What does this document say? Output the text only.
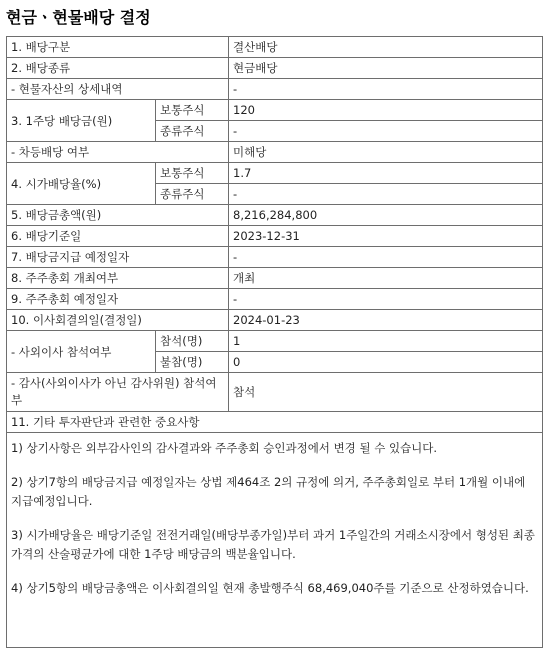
현금ㆍ현물배당 결정
1. 배당구분		결산배당
2. 배당종류		현금배당
- 현물자산의 상세내역		-
3. 1주당 배당금(원)	보통주식	120
	종류주식	-
- 차등배당 여부		미해당
4. 시가배당율(%)	보통주식	1.7
	종류주식	-
5. 배당금총액(원)		8,216,284,800
6. 배당기준일		2023-12-31
7. 배당금지급 예정일자		-
8. 주주총회 개최여부		개최
9. 주주총회 예정일자		-
10. 이사회결의일(결정일)		2024-01-23
- 사외이사 참석여부	참석(명)	1
	불참(명)	0
- 감사(사외이사가 아닌 감사위원) 참석여부		참석
11. 기타 투자판단과 관련한 중요사항		

1) 상기사항은 외부감사인의 감사결과와 주주총회 승인과정에서 변경 될 수 있습니다.

2) 상기7항의 배당금지급 예정일자는 상법 제464조 2의 규정에 의거, 주주총회일로 부터 1개월 이내에 지급예정입니다.

3) 시가배당율은 배당기준일 전전거래일(배당부종가일)부터 과거 1주일간의 거래소시장에서 형성된 최종가격의 산술평균가에 대한 1주당 배당금의 백분율입니다.

4) 상기5항의 배당금총액은 이사회결의일 현재 총발행주식 68,469,040주를 기준으로 산정하였습니다.		
